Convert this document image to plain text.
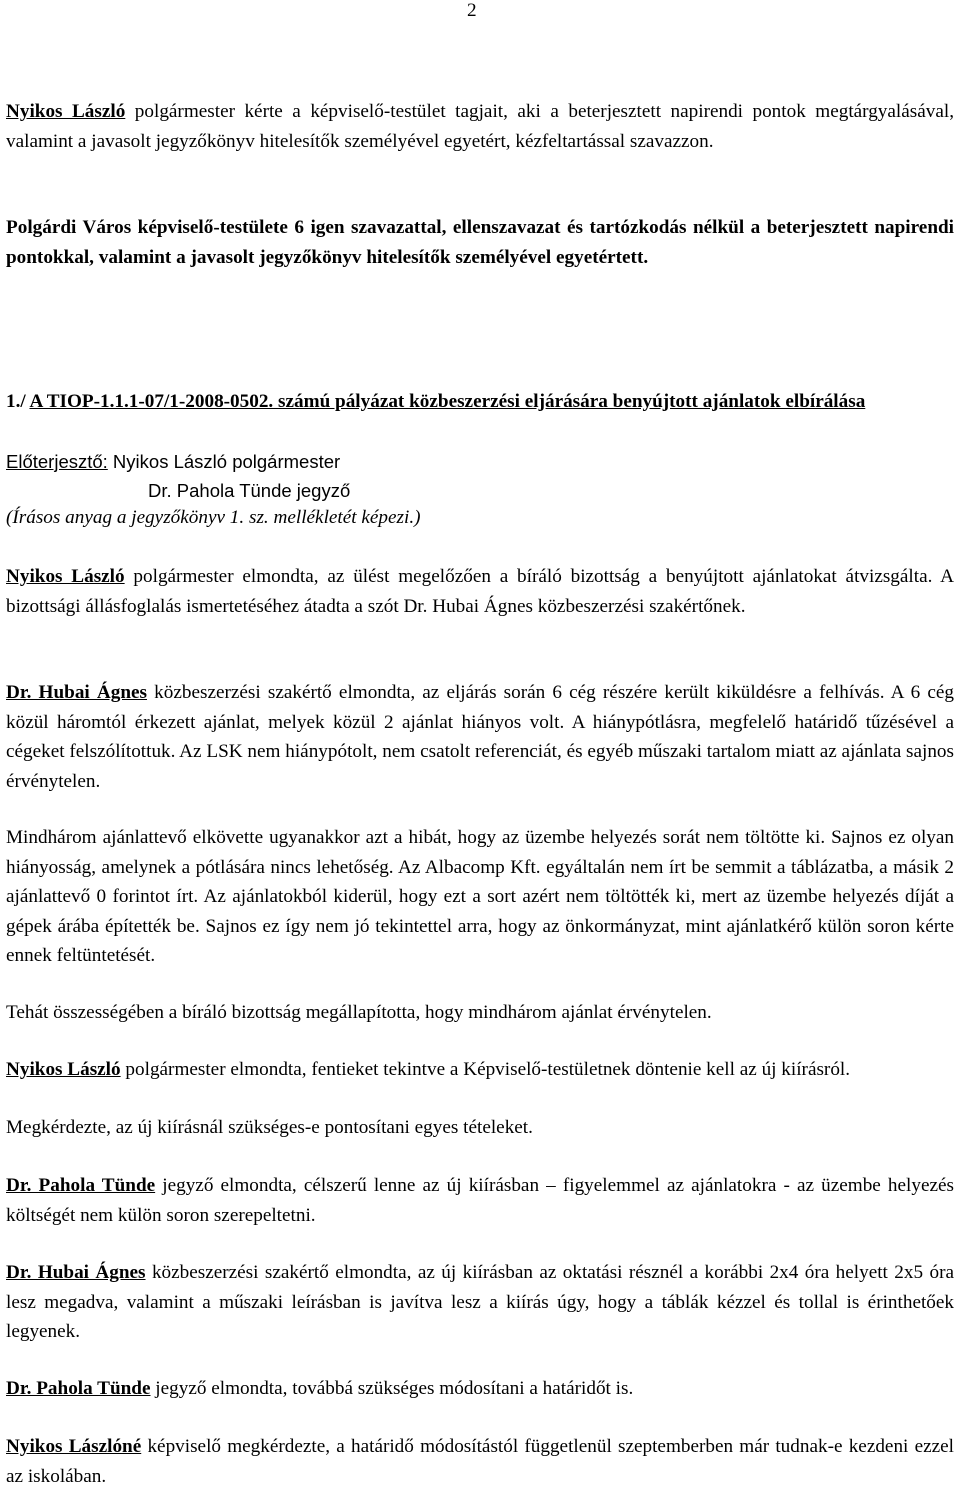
2

Nyikos László polgármester kérte a képviselő-testület tagjait, aki a beterjesztett napirendi pontok megtárgyalásával, valamint a javasolt jegyzőkönyv hitelesítők személyével egyetért, kézfeltartással szavazzon.

Polgárdi Város képviselő-testülete 6 igen szavazattal, ellenszavazat és tartózkodás nélkül a beterjesztett napirendi pontokkal, valamint a javasolt jegyzőkönyv hitelesítők személyével egyetértett.

1./ A TIOP-1.1.1-07/1-2008-0502. számú pályázat közbeszerzési eljárására benyújtott ajánlatok elbírálása

Előterjesztő: Nyikos László polgármester
Dr. Pahola Tünde jegyző
(Írásos anyag a jegyzőkönyv 1. sz. mellékletét képezi.)

Nyikos László polgármester elmondta, az ülést megelőzően a bíráló bizottság a benyújtott ajánlatokat átvizsgálta. A bizottsági állásfoglalás ismertetéséhez átadta a szót Dr. Hubai Ágnes közbeszerzési szakértőnek.

Dr. Hubai Ágnes közbeszerzési szakértő elmondta, az eljárás során 6 cég részére került kiküldésre a felhívás. A 6 cég közül háromtól érkezett ajánlat, melyek közül 2 ajánlat hiányos volt. A hiánypótlásra, megfelelő határidő tűzésével a cégeket felszólítottuk. Az LSK nem hiánypótolt, nem csatolt referenciát, és egyéb műszaki tartalom miatt az ajánlata sajnos érvénytelen.

Mindhárom ajánlattevő elkövette ugyanakkor azt a hibát, hogy az üzembe helyezés sorát nem töltötte ki. Sajnos ez olyan hiányosság, amelynek a pótlására nincs lehetőség. Az Albacomp Kft. egyáltalán nem írt be semmit a táblázatba, a másik 2 ajánlattevő 0 forintot írt. Az ajánlatokból kiderül, hogy ezt a sort azért nem töltötték ki, mert az üzembe helyezés díját a gépek árába építették be. Sajnos ez így nem jó tekintettel arra, hogy az önkormányzat, mint ajánlatkérő külön soron kérte ennek feltüntetését.

Tehát összességében a bíráló bizottság megállapította, hogy mindhárom ajánlat érvénytelen.

Nyikos László polgármester elmondta, fentieket tekintve a Képviselő-testületnek döntenie kell az új kiírásról.

Megkérdezte, az új kiírásnál szükséges-e pontosítani egyes tételeket.

Dr. Pahola Tünde jegyző elmondta, célszerű lenne az új kiírásban – figyelemmel az ajánlatokra - az üzembe helyezés költségét nem külön soron szerepeltetni.

Dr. Hubai Ágnes közbeszerzési szakértő elmondta, az új kiírásban az oktatási résznél a korábbi 2x4 óra helyett 2x5 óra lesz megadva, valamint a műszaki leírásban is javítva lesz a kiírás úgy, hogy a táblák kézzel és tollal is érinthetőek legyenek.

Dr. Pahola Tünde jegyző elmondta, továbbá szükséges módosítani a határidőt is.

Nyikos Lászlóné képviselő megkérdezte, a határidő módosítástól függetlenül szeptemberben már tudnak-e kezdeni ezzel az iskolában.
